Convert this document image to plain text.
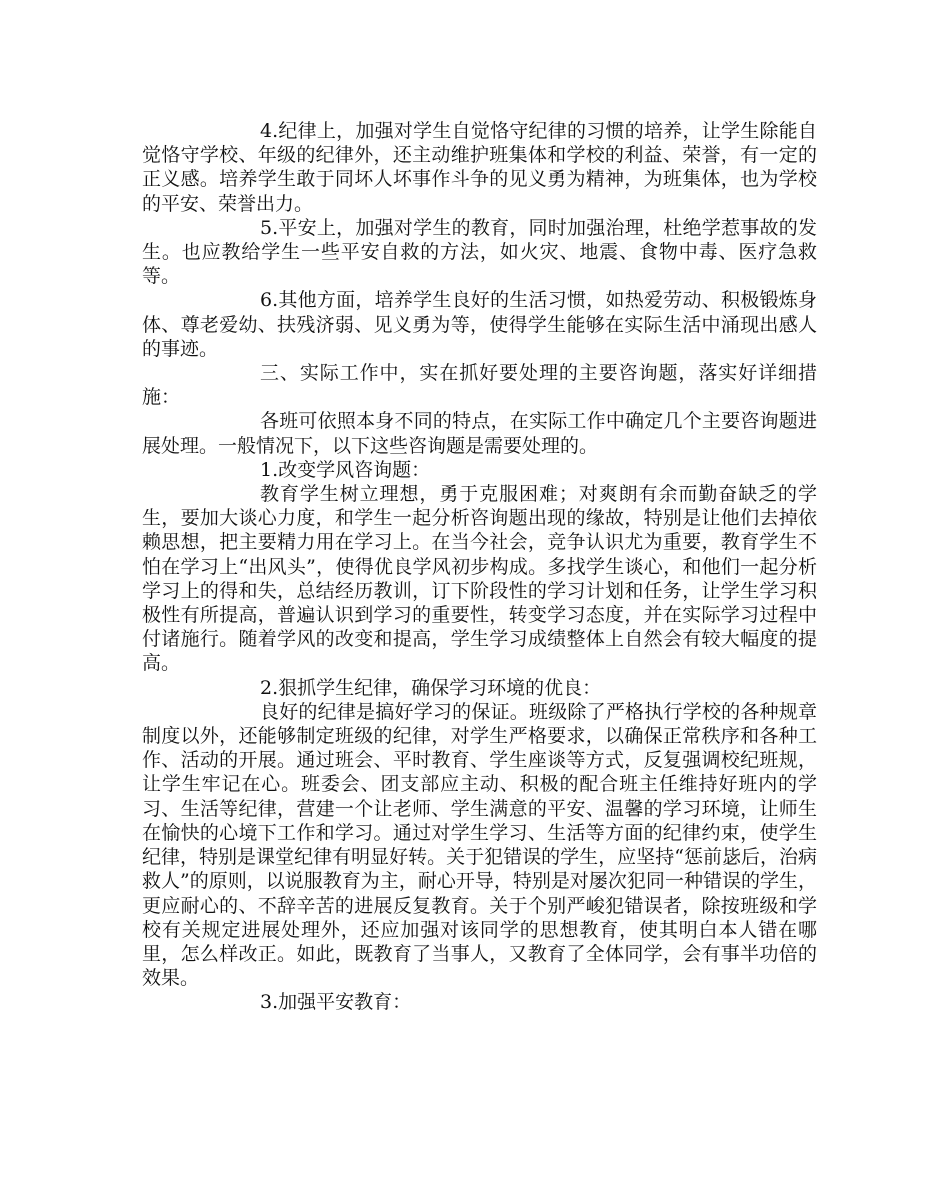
4.纪律上，加强对学生自觉恪守纪律的习惯的培养，让学生除能自觉恪守学校、年级的纪律外，还主动维护班集体和学校的利益、荣誉，有一定的正义感。培养学生敢于同坏人坏事作斗争的见义勇为精神，为班集体，也为学校的平安、荣誉出力。

5.平安上，加强对学生的教育，同时加强治理，杜绝学惹事故的发生。也应教给学生一些平安自救的方法，如火灾、地震、食物中毒、医疗急救等。

6.其他方面，培养学生良好的生活习惯，如热爱劳动、积极锻炼身体、尊老爱幼、扶残济弱、见义勇为等，使得学生能够在实际生活中涌现出感人的事迹。

三、实际工作中，实在抓好要处理的主要咨询题，落实好详细措施：

各班可依照本身不同的特点，在实际工作中确定几个主要咨询题进展处理。一般情况下，以下这些咨询题是需要处理的。

1.改变学风咨询题：

教育学生树立理想，勇于克服困难；对爽朗有余而勤奋缺乏的学生，要加大谈心力度，和学生一起分析咨询题出现的缘故，特别是让他们去掉依赖思想，把主要精力用在学习上。在当今社会，竞争认识尤为重要，教育学生不怕在学习上“出风头”，使得优良学风初步构成。多找学生谈心，和他们一起分析学习上的得和失，总结经历教训，订下阶段性的学习计划和任务，让学生学习积极性有所提高，普遍认识到学习的重要性，转变学习态度，并在实际学习过程中付诸施行。随着学风的改变和提高，学生学习成绩整体上自然会有较大幅度的提高。

2.狠抓学生纪律，确保学习环境的优良：

良好的纪律是搞好学习的保证。班级除了严格执行学校的各种规章制度以外，还能够制定班级的纪律，对学生严格要求，以确保正常秩序和各种工作、活动的开展。通过班会、平时教育、学生座谈等方式，反复强调校纪班规，让学生牢记在心。班委会、团支部应主动、积极的配合班主任维持好班内的学习、生活等纪律，营建一个让老师、学生满意的平安、温馨的学习环境，让师生在愉快的心境下工作和学习。通过对学生学习、生活等方面的纪律约束，使学生纪律，特别是课堂纪律有明显好转。关于犯错误的学生，应坚持“惩前毖后，治病救人”的原则，以说服教育为主，耐心开导，特别是对屡次犯同一种错误的学生，更应耐心的、不辞辛苦的进展反复教育。关于个别严峻犯错误者，除按班级和学校有关规定进展处理外，还应加强对该同学的思想教育，使其明白本人错在哪里，怎么样改正。如此，既教育了当事人，又教育了全体同学，会有事半功倍的效果。

3.加强平安教育：
